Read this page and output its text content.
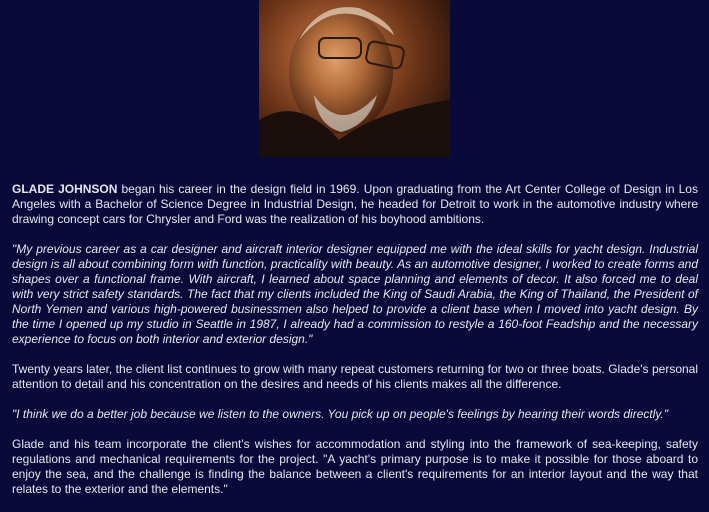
GLADE JOHNSON began his career in the design field in 1969. Upon graduating from the Art Center College of Design in Los Angeles with a Bachelor of Science Degree in Industrial Design, he headed for Detroit to work in the automotive industry where drawing concept cars for Chrysler and Ford was the realization of his boyhood ambitions.

"My previous career as a car designer and aircraft interior designer equipped me with the ideal skills for yacht design. Industrial design is all about combining form with function, practicality with beauty. As an automotive designer, I worked to create forms and shapes over a functional frame. With aircraft, I learned about space planning and elements of decor. It also forced me to deal with very strict safety standards. The fact that my clients included the King of Saudi Arabia, the King of Thailand, the President of North Yemen and various high-powered businessmen also helped to provide a client base when I moved into yacht design. By the time I opened up my studio in Seattle in 1987, I already had a commission to restyle a 160-foot Feadship and the necessary experience to focus on both interior and exterior design."

Twenty years later, the client list continues to grow with many repeat customers returning for two or three boats. Glade's personal attention to detail and his concentration on the desires and needs of his clients makes all the difference.

"I think we do a better job because we listen to the owners. You pick up on people's feelings by hearing their words directly."

Glade and his team incorporate the client's wishes for accommodation and styling into the framework of sea-keeping, safety regulations and mechanical requirements for the project. "A yacht's primary purpose is to make it possible for those aboard to enjoy the sea, and the challenge is finding the balance between a client's requirements for an interior layout and the way that relates to the exterior and the elements."
